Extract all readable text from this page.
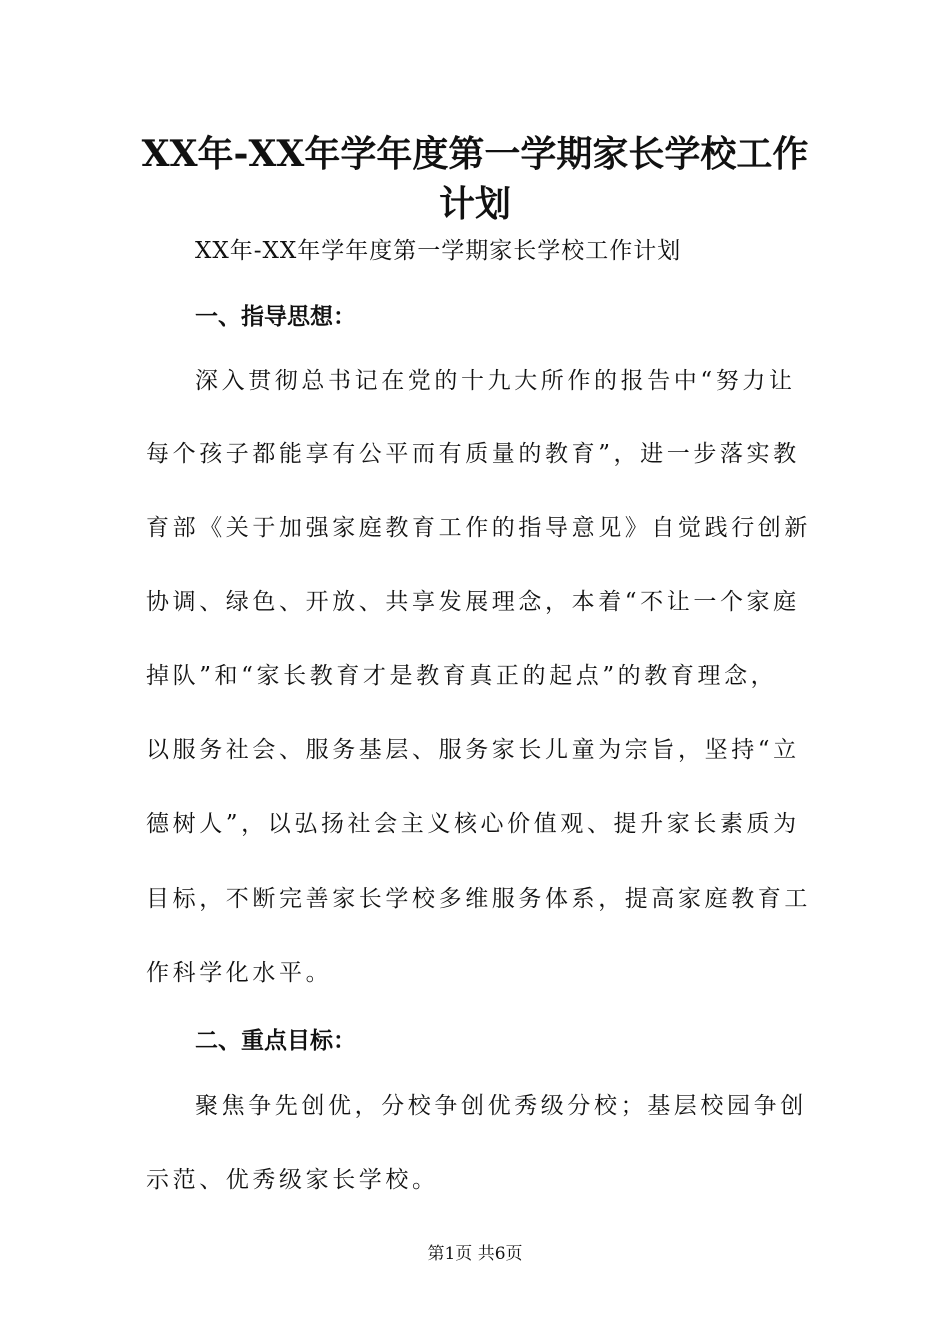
XX年-XX年学年度第一学期家长学校工作
计划
XX年-XX年学年度第一学期家长学校工作计划
一、指导思想：
深入贯彻总书记在党的十九大所作的报告中“努力让
每个孩子都能享有公平而有质量的教育”，进一步落实教
育部《关于加强家庭教育工作的指导意见》自觉践行创新
协调、绿色、开放、共享发展理念，本着“不让一个家庭
掉队”和“家长教育才是教育真正的起点”的教育理念，
以服务社会、服务基层、服务家长儿童为宗旨，坚持“立
德树人”，以弘扬社会主义核心价值观、提升家长素质为
目标，不断完善家长学校多维服务体系，提高家庭教育工
作科学化水平。
二、重点目标：
聚焦争先创优，分校争创优秀级分校；基层校园争创
示范、优秀级家长学校。
第1页 共6页
